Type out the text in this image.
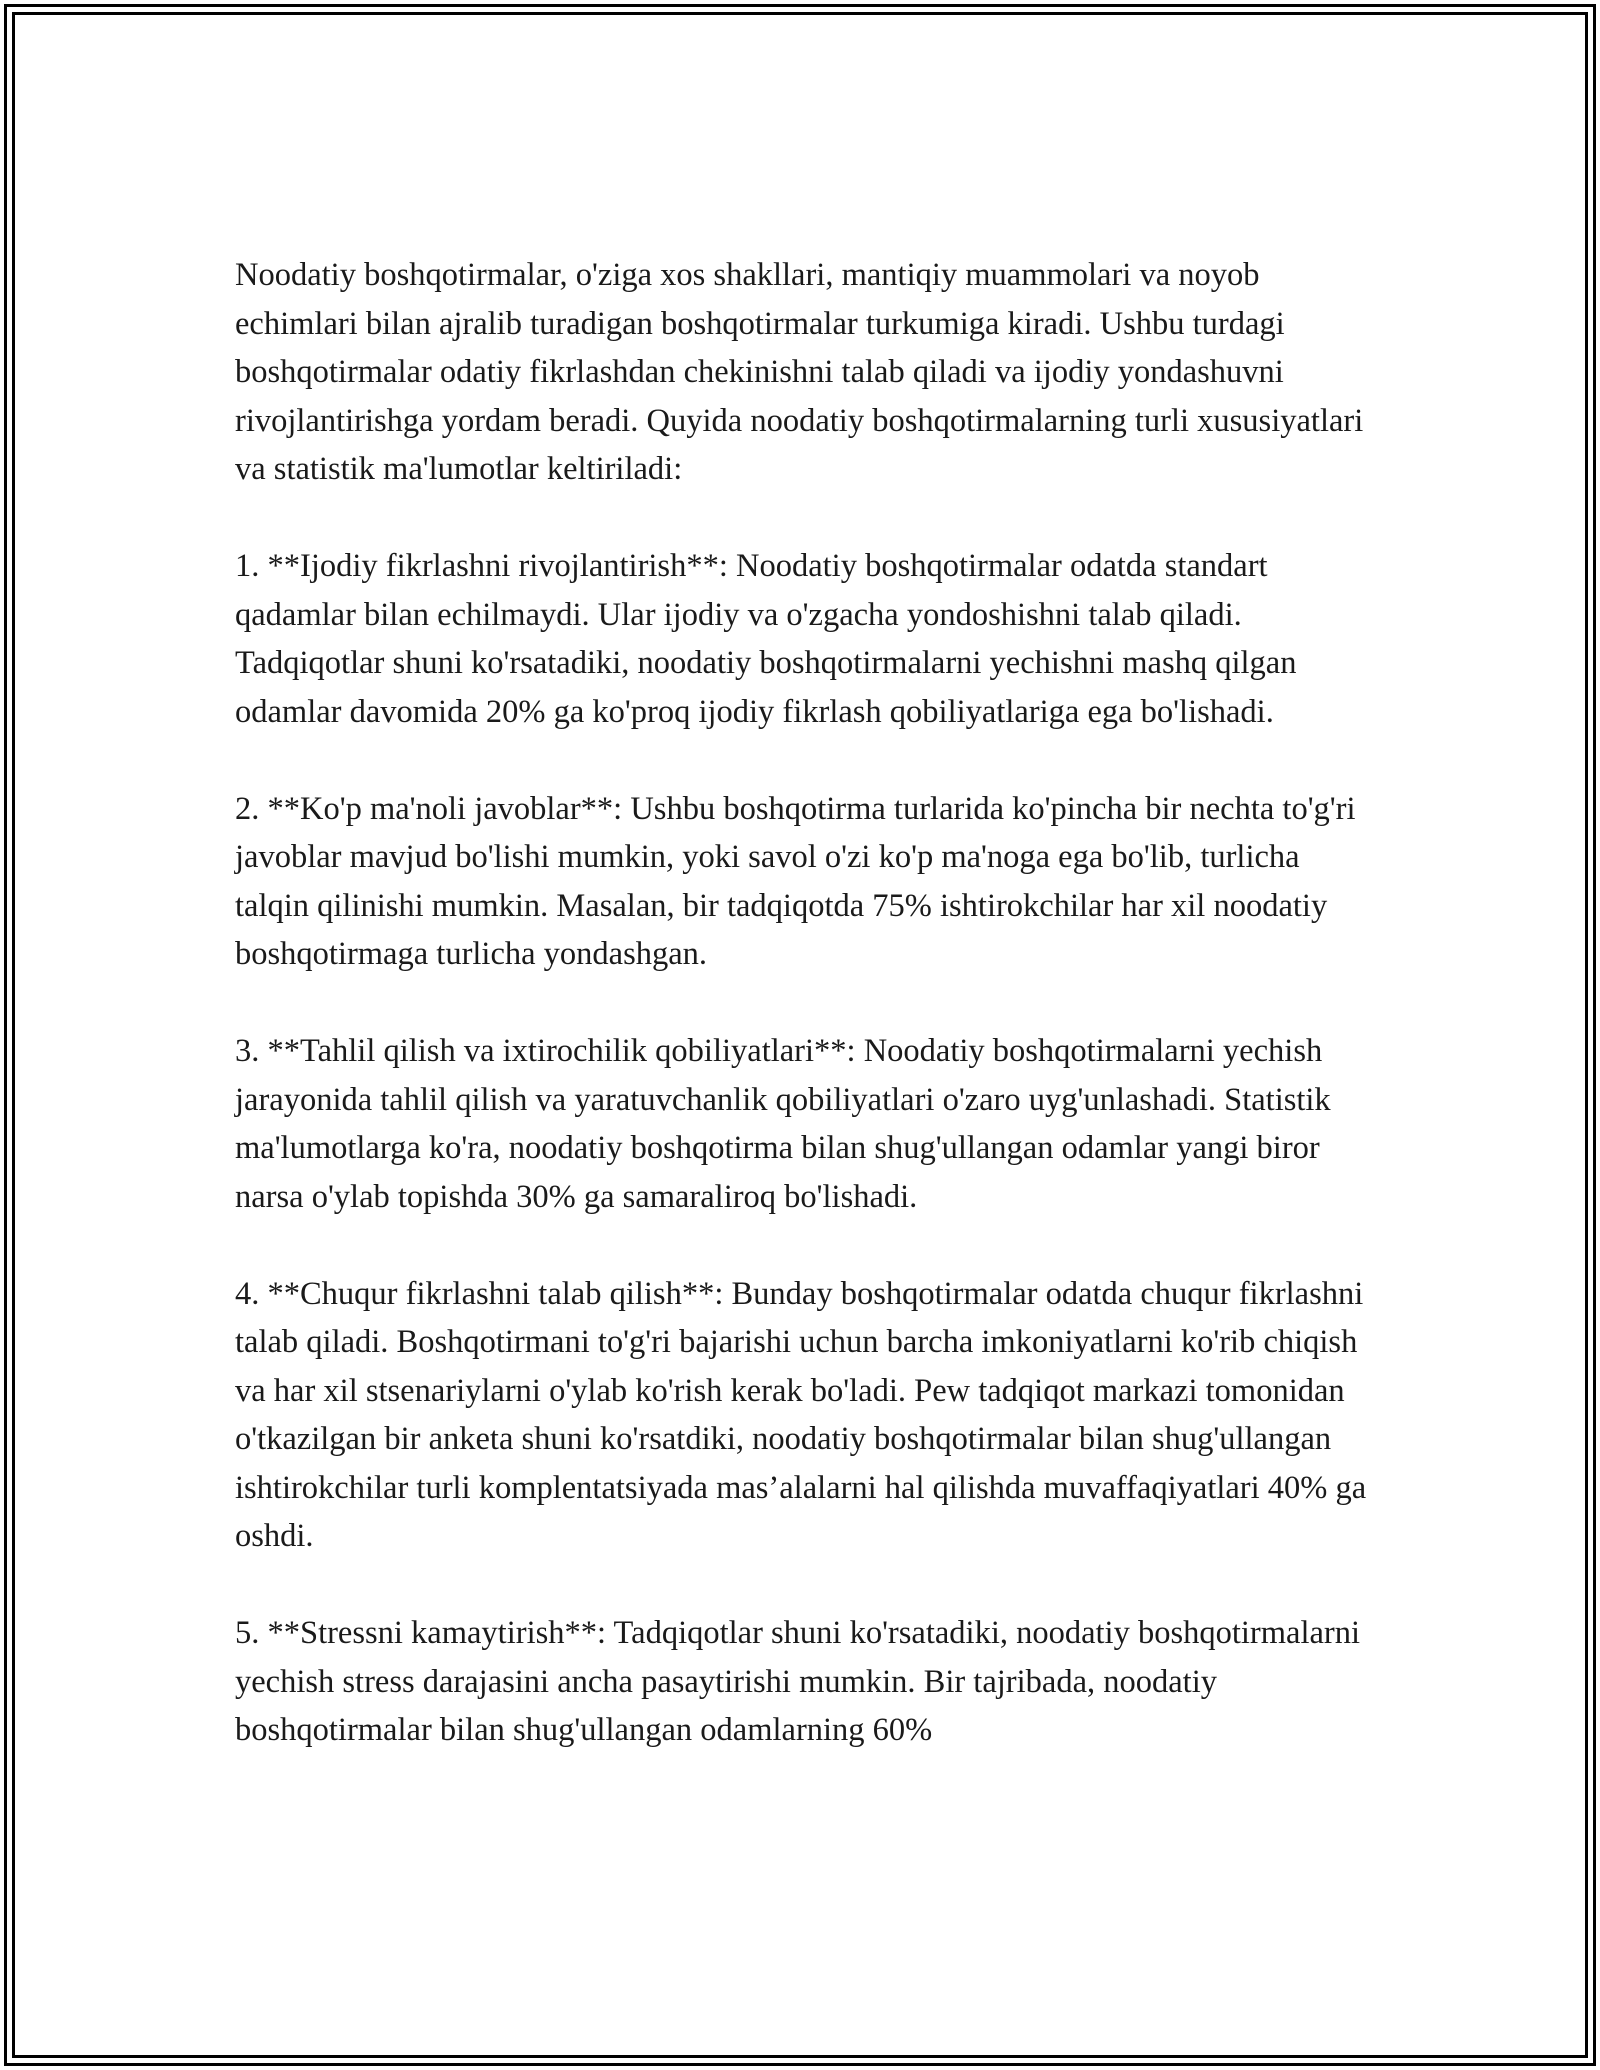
Noodatiy boshqotirmalar, o'ziga xos shakllari, mantiqiy muammolari va noyob echimlari bilan ajralib turadigan boshqotirmalar turkumiga kiradi. Ushbu turdagi boshqotirmalar odatiy fikrlashdan chekinishni talab qiladi va ijodiy yondashuvni rivojlantirishga yordam beradi. Quyida noodatiy boshqotirmalarning turli xususiyatlari va statistik ma'lumotlar keltiriladi:

1. **Ijodiy fikrlashni rivojlantirish**: Noodatiy boshqotirmalar odatda standart qadamlar bilan echilmaydi. Ular ijodiy va o'zgacha yondoshishni talab qiladi. Tadqiqotlar shuni ko'rsatadiki, noodatiy boshqotirmalarni yechishni mashq qilgan odamlar davomida 20% ga ko'proq ijodiy fikrlash qobiliyatlariga ega bo'lishadi.

2. **Ko'p ma'noli javoblar**: Ushbu boshqotirma turlarida ko'pincha bir nechta to'g'ri javoblar mavjud bo'lishi mumkin, yoki savol o'zi ko'p ma'noga ega bo'lib, turlicha talqin qilinishi mumkin. Masalan, bir tadqiqotda 75% ishtirokchilar har xil noodatiy boshqotirmaga turlicha yondashgan.

3. **Tahlil qilish va ixtirochilik qobiliyatlari**: Noodatiy boshqotirmalarni yechish jarayonida tahlil qilish va yaratuvchanlik qobiliyatlari o'zaro uyg'unlashadi. Statistik ma'lumotlarga ko'ra, noodatiy boshqotirma bilan shug'ullangan odamlar yangi biror narsa o'ylab topishda 30% ga samaraliroq bo'lishadi.

4. **Chuqur fikrlashni talab qilish**: Bunday boshqotirmalar odatda chuqur fikrlashni talab qiladi. Boshqotirmani to'g'ri bajarishi uchun barcha imkoniyatlarni ko'rib chiqish va har xil stsenariylarni o'ylab ko'rish kerak bo'ladi. Pew tadqiqot markazi tomonidan o'tkazilgan bir anketa shuni ko'rsatdiki, noodatiy boshqotirmalar bilan shug'ullangan ishtirokchilar turli komplentatsiyada mas’alalarni hal qilishda muvaffaqiyatlari 40% ga oshdi.

5. **Stressni kamaytirish**: Tadqiqotlar shuni ko'rsatadiki, noodatiy boshqotirmalarni yechish stress darajasini ancha pasaytirishi mumkin. Bir tajribada, noodatiy boshqotirmalar bilan shug'ullangan odamlarning 60%
